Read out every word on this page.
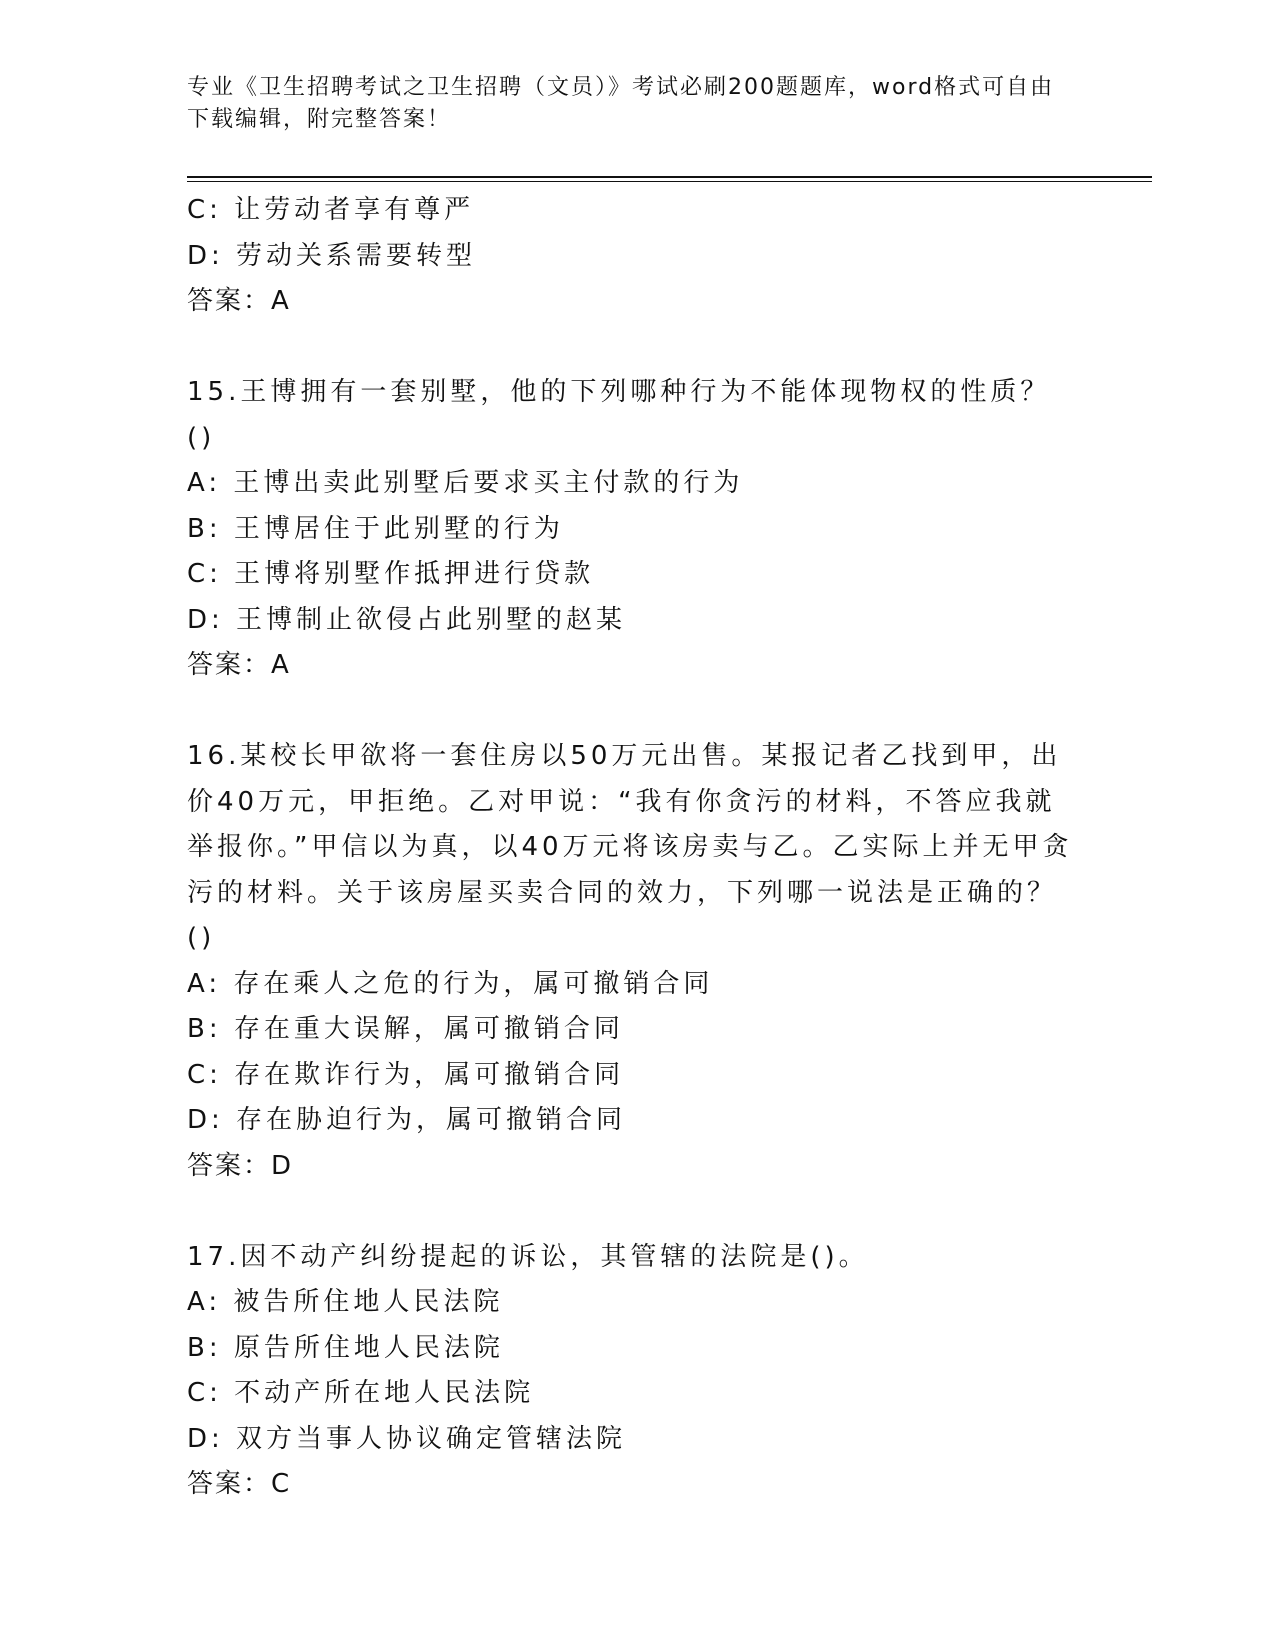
专业《卫生招聘考试之卫生招聘（文员）》考试必刷200题题库，word格式可自由下载编辑，附完整答案！
C: 让劳动者享有尊严
D: 劳动关系需要转型
答案：A
15.王博拥有一套别墅，他的下列哪种行为不能体现物权的性质？()
A: 王博出卖此别墅后要求买主付款的行为
B: 王博居住于此别墅的行为
C: 王博将别墅作抵押进行贷款
D: 王博制止欲侵占此别墅的赵某
答案：A
16.某校长甲欲将一套住房以50万元出售。某报记者乙找到甲，出价40万元，甲拒绝。乙对甲说：“我有你贪污的材料，不答应我就举报你。”甲信以为真，以40万元将该房卖与乙。乙实际上并无甲贪污的材料。关于该房屋买卖合同的效力，下列哪一说法是正确的？()
A: 存在乘人之危的行为，属可撤销合同
B: 存在重大误解，属可撤销合同
C: 存在欺诈行为，属可撤销合同
D: 存在胁迫行为，属可撤销合同
答案：D
17.因不动产纠纷提起的诉讼，其管辖的法院是()。
A: 被告所住地人民法院
B: 原告所住地人民法院
C: 不动产所在地人民法院
D: 双方当事人协议确定管辖法院
答案：C
